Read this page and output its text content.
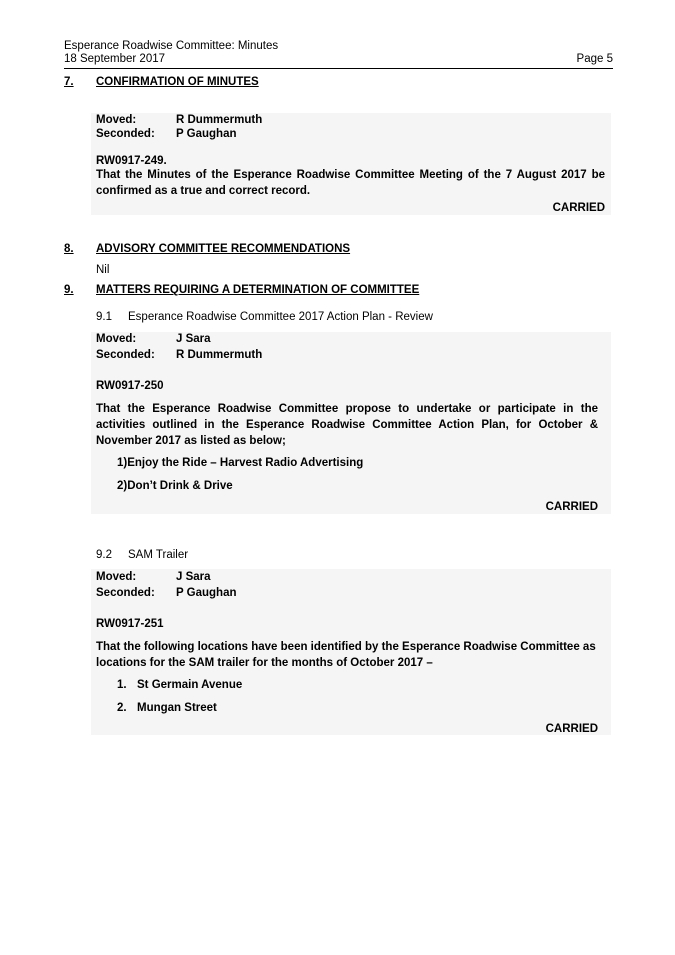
Esperance Roadwise Committee: Minutes
18 September 2017	Page 5
7. CONFIRMATION OF MINUTES
Moved:	R Dummermuth
Seconded: P Gaughan
RW0917-249.
That the Minutes of the Esperance Roadwise Committee Meeting of the 7 August 2017 be confirmed as a true and correct record.
CARRIED
8. ADVISORY COMMITTEE RECOMMENDATIONS
Nil
9. MATTERS REQUIRING A DETERMINATION OF COMMITTEE
9.1 Esperance Roadwise Committee 2017 Action Plan - Review
Moved:	J Sara
Seconded: R Dummermuth
RW0917-250
That the Esperance Roadwise Committee propose to undertake or participate in the activities outlined in the Esperance Roadwise Committee Action Plan, for October & November 2017 as listed as below;
1) Enjoy the Ride – Harvest Radio Advertising
2) Don’t Drink & Drive
CARRIED
9.2 SAM Trailer
Moved:	J Sara
Seconded: P Gaughan
RW0917-251
That the following locations have been identified by the Esperance Roadwise Committee as   locations for the SAM trailer for the months of October 2017 –
1. St Germain Avenue
2. Mungan Street
CARRIED
